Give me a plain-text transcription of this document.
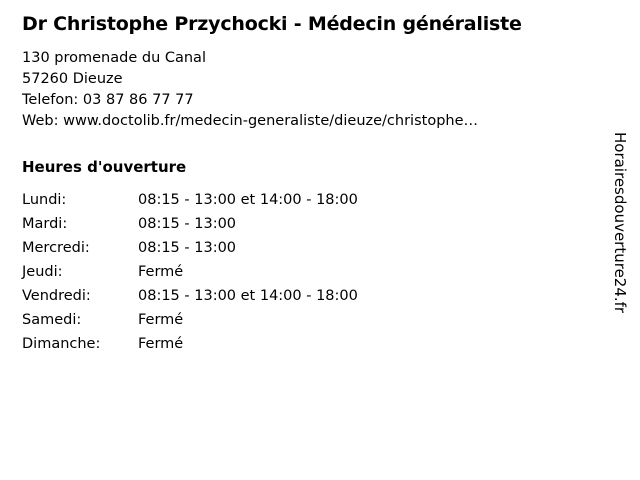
Dr Christophe Przychocki - Médecin généraliste

130 promenade du Canal

57260 Dieuze

Telefon: 03 87 86 77 77

Web: www.doctolib.fr/medecin-generaliste/dieuze/christophe…

Heures d'ouverture
Lundi:	08:15 - 13:00 et 14:00 - 18:00
Mardi:	08:15 - 13:00
Mercredi:	08:15 - 13:00
Jeudi:	Fermé
Vendredi:	08:15 - 13:00 et 14:00 - 18:00
Samedi:	Fermé
Dimanche:	Fermé
Horairesdouverture24.fr
